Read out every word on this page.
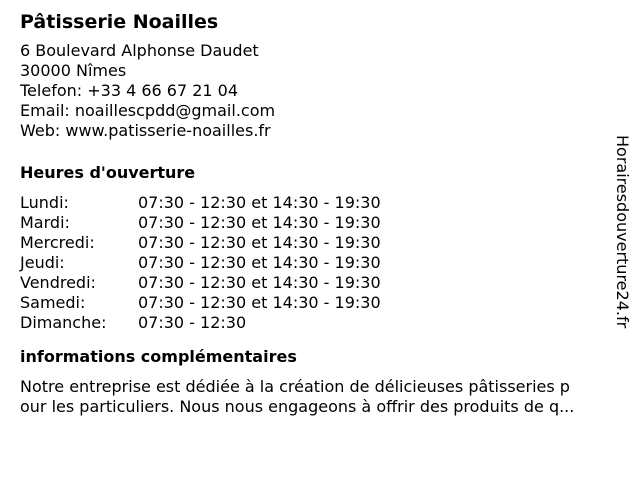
Pâtisserie Noailles
6 Boulevard Alphonse Daudet
30000 Nîmes
Telefon: +33 4 66 67 21 04
Email: noaillescpdd@gmail.com
Web: www.patisserie-noailles.fr
Heures d'ouverture
Lundi:	07:30 - 12:30 et 14:30 - 19:30
Mardi:	07:30 - 12:30 et 14:30 - 19:30
Mercredi:	07:30 - 12:30 et 14:30 - 19:30
Jeudi:	07:30 - 12:30 et 14:30 - 19:30
Vendredi:	07:30 - 12:30 et 14:30 - 19:30
Samedi:	07:30 - 12:30 et 14:30 - 19:30
Dimanche:	07:30 - 12:30
informations complémentaires
Notre entreprise est dédiée à la création de délicieuses pâtisseries p
our les particuliers. Nous nous engageons à offrir des produits de q...
Horairesdouverture24.fr
